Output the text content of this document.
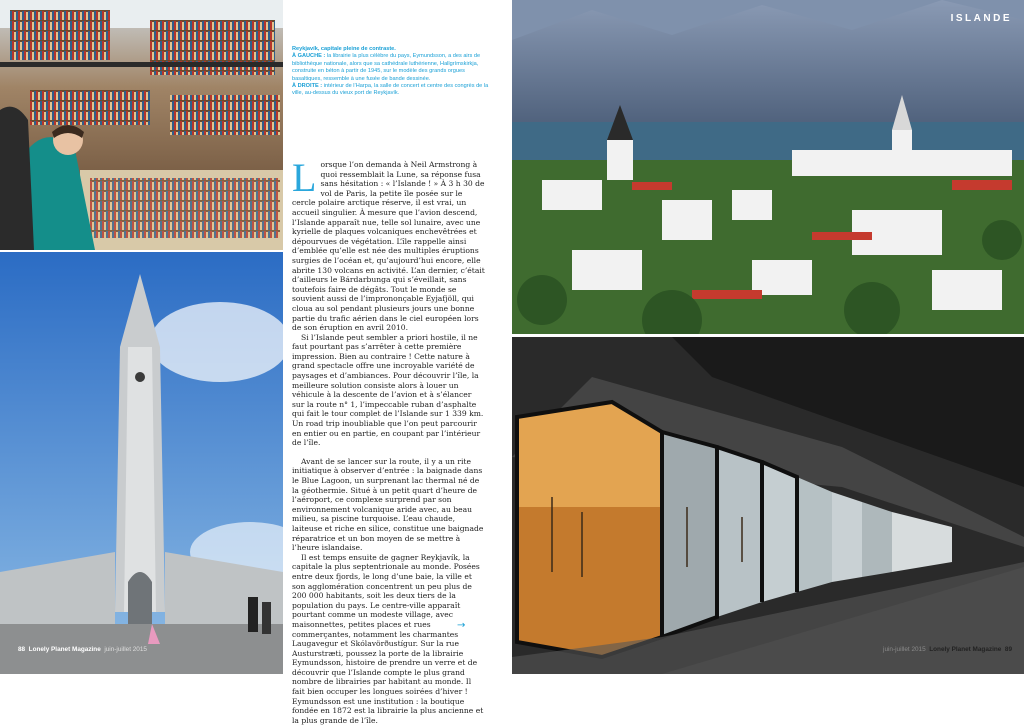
ISLANDE

Reykjavík, capitale pleine de contraste.

À GAUCHE : la librairie la plus célèbre du pays, Eymundsson, a des airs de bibliothèque nationale, alors que sa cathédrale luthérienne, Hallgrímskirkja, construite en béton à partir de 1945, sur le modèle des grands orgues basaltiques, ressemble à une fusée de bande dessinée.

À DROITE : intérieur de l’Harpa, la salle de concert et centre des congrès de la ville, au-dessus du vieux port de Reykjavík.

Lorsque l’on demanda à Neil Armstrong à quoi ressemblait la Lune, sa réponse fusa sans hésitation : « l’Islande ! » À 3 h 30 de vol de Paris, la petite île posée sur le cercle polaire arctique réserve, il est vrai, un accueil singulier. À mesure que l’avion descend, l’Islande apparaît nue, telle sol lunaire, avec une kyrielle de plaques volcaniques enchevêtrées et dépourvues de végétation. L’île rappelle ainsi d’emblée qu’elle est née des multiples éruptions surgies de l’océan et, qu’aujourd’hui encore, elle abrite 130 volcans en activité. L’an dernier, c’était d’ailleurs le Bárdarbunga qui s’éveillait, sans toutefois faire de dégâts. Tout le monde se souvient aussi de l’imprononçable Eyjafjöll, qui cloua au sol pendant plusieurs jours une bonne partie du trafic aérien dans le ciel européen lors de son éruption en avril 2010.

Si l’Islande peut sembler a priori hostile, il ne faut pourtant pas s’arrêter à cette première impression. Bien au contraire ! Cette nature à grand spectacle offre une incroyable variété de paysages et d’ambiances. Pour découvrir l’île, la meilleure solution consiste alors à louer un véhicule à la descente de l’avion et à s’élancer sur la route n° 1, l’impeccable ruban d’asphalte qui fait le tour complet de l’Islande sur 1 339 km. Un road trip inoubliable que l’on peut parcourir en entier ou en partie, en coupant par l’intérieur de l’île.

Avant de se lancer sur la route, il y a un rite initiatique à observer d’entrée : la baignade dans le Blue Lagoon, un surprenant lac thermal né de la géothermie. Situé à un petit quart d’heure de l’aéroport, ce complexe surprend par son environnement volcanique aride avec, au beau milieu, sa piscine turquoise. L’eau chaude, laiteuse et riche en silice, constitue une baignade réparatrice et un bon moyen de se mettre à l’heure islandaise.

Il est temps ensuite de gagner Reykjavík, la capitale la plus septentrionale au monde. Posées entre deux fjords, le long d’une baie, la ville et son agglomération concentrent un peu plus de 200 000 habitants, soit les deux tiers de la population du pays. Le centre-ville apparaît pourtant comme un modeste village, avec maisonnettes, petites places et rues commerçantes, notamment les charmantes Laugavegur et Skólavörðustígur. Sur la rue Austurstræti, poussez la porte de la librairie Eymundsson, histoire de prendre un verre et de découvrir que l’Islande compte le plus grand nombre de librairies par habitant au monde. Il fait bien occuper les longues soirées d’hiver ! Eymundsson est une institution : la boutique fondée en 1872 est la librairie la plus ancienne et la plus grande de l’île.

→
88 Lonely Planet Magazine juin-juillet 2015	juin-juillet 2015 Lonely Planet Magazine 89
